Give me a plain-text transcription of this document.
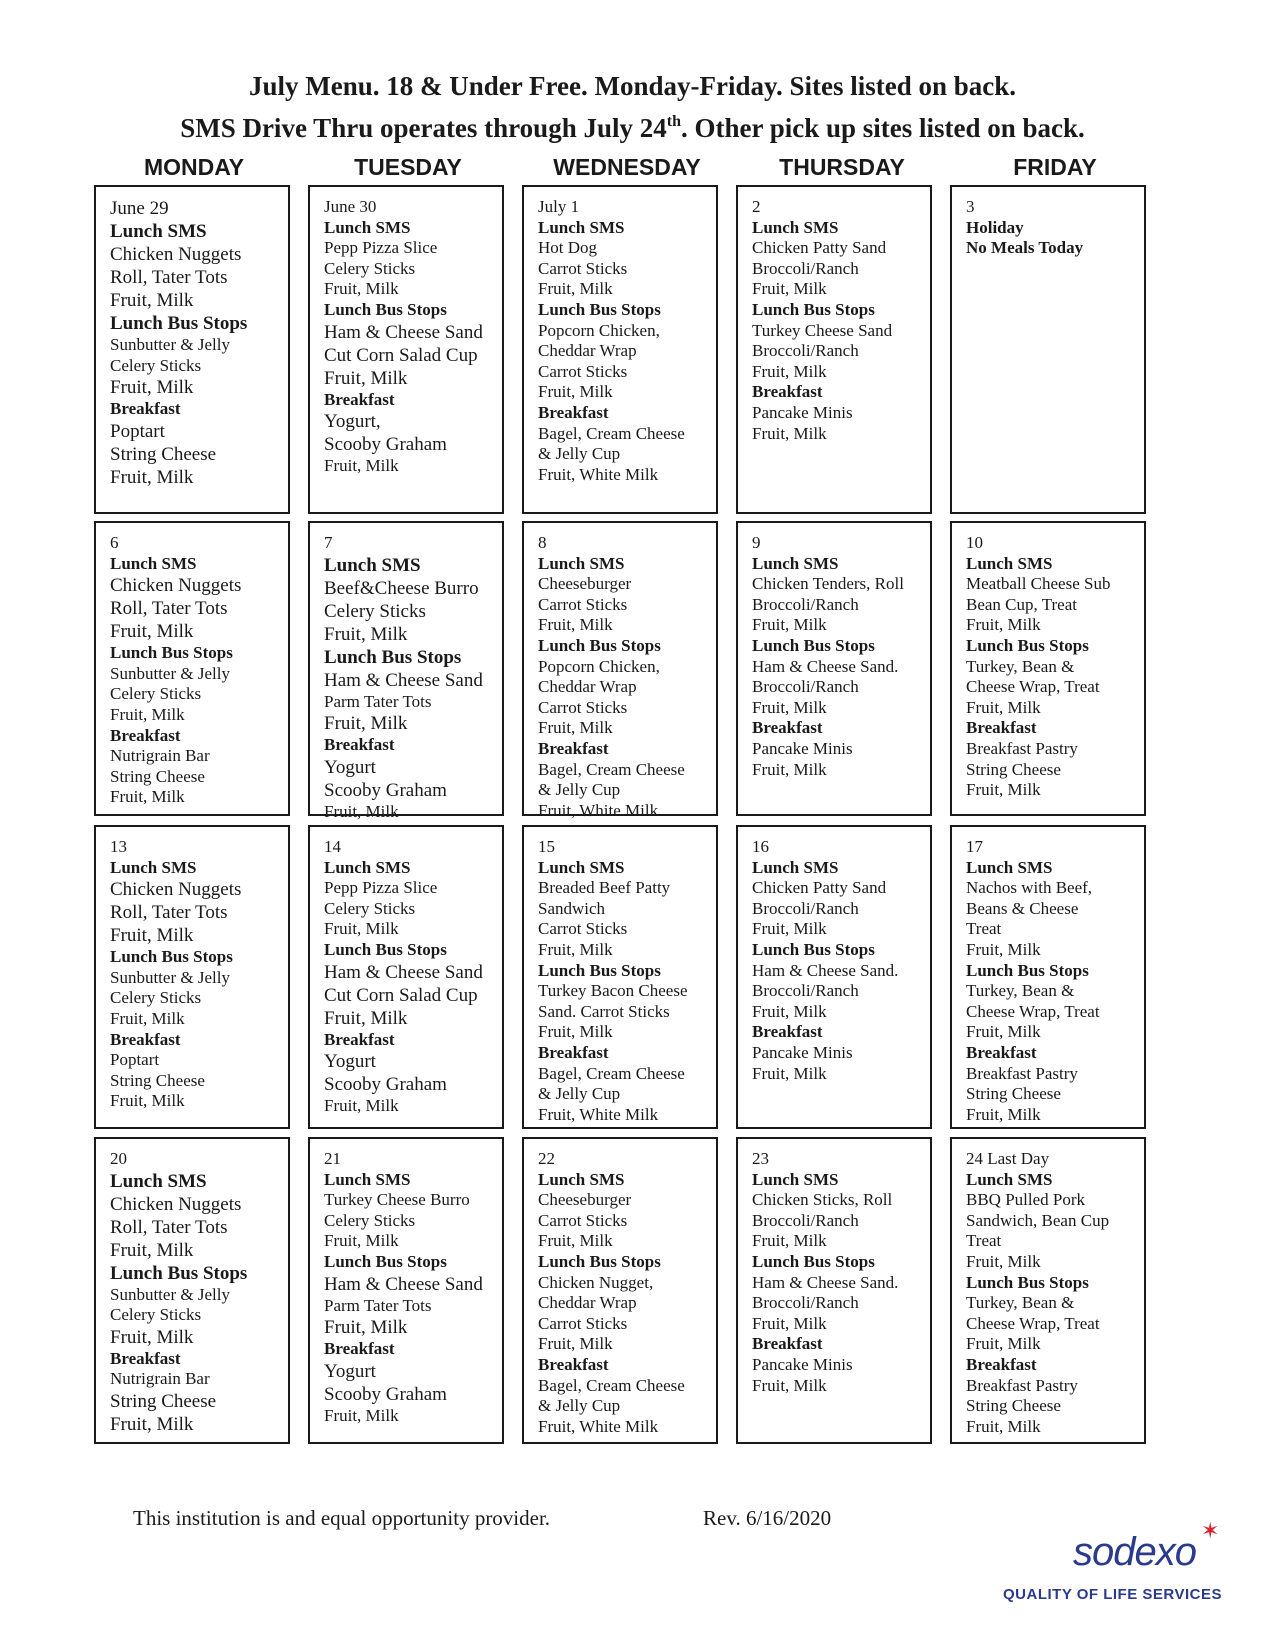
July Menu. 18 & Under Free. Monday-Friday. Sites listed on back.
SMS Drive Thru operates through July 24th. Other pick up sites listed on back.
MONDAY	TUESDAY	WEDNESDAY	THURSDAY	FRIDAY
June 29
Lunch SMS
Chicken Nuggets
Roll, Tater Tots
Fruit, Milk
Lunch Bus Stops
Sunbutter & Jelly
Celery Sticks
Fruit, Milk
Breakfast
Poptart
String Cheese
Fruit, Milk
June 30
Lunch SMS
Pepp Pizza Slice
Celery Sticks
Fruit, Milk
Lunch Bus Stops
Ham & Cheese Sand
Cut Corn Salad Cup
Fruit, Milk
Breakfast
Yogurt,
Scooby Graham
Fruit, Milk
July 1
Lunch SMS
Hot Dog
Carrot Sticks
Fruit, Milk
Lunch Bus Stops
Popcorn Chicken,
Cheddar Wrap
Carrot Sticks
Fruit, Milk
Breakfast
Bagel, Cream Cheese
& Jelly Cup
Fruit, White Milk
2
Lunch SMS
Chicken Patty Sand
Broccoli/Ranch
Fruit, Milk
Lunch Bus Stops
Turkey Cheese Sand
Broccoli/Ranch
Fruit, Milk
Breakfast
Pancake Minis
Fruit, Milk
3
Holiday
No Meals Today
6
Lunch SMS
Chicken Nuggets
Roll, Tater Tots
Fruit, Milk
Lunch Bus Stops
Sunbutter & Jelly
Celery Sticks
Fruit, Milk
Breakfast
Nutrigrain Bar
String Cheese
Fruit, Milk
7
Lunch SMS
Beef&Cheese Burro
Celery Sticks
Fruit, Milk
Lunch Bus Stops
Ham & Cheese Sand
Parm Tater Tots
Fruit, Milk
Breakfast
Yogurt
Scooby Graham
Fruit, Milk
8
Lunch SMS
Cheeseburger
Carrot Sticks
Fruit, Milk
Lunch Bus Stops
Popcorn Chicken,
Cheddar Wrap
Carrot Sticks
Fruit, Milk
Breakfast
Bagel, Cream Cheese
& Jelly Cup
Fruit, White Milk
9
Lunch SMS
Chicken Tenders, Roll
Broccoli/Ranch
Fruit, Milk
Lunch Bus Stops
Ham & Cheese Sand.
Broccoli/Ranch
Fruit, Milk
Breakfast
Pancake Minis
Fruit, Milk
10
Lunch SMS
Meatball Cheese Sub
Bean Cup, Treat
Fruit, Milk
Lunch Bus Stops
Turkey, Bean &
Cheese Wrap, Treat
Fruit, Milk
Breakfast
Breakfast Pastry
String Cheese
Fruit, Milk
13
Lunch SMS
Chicken Nuggets
Roll, Tater Tots
Fruit, Milk
Lunch Bus Stops
Sunbutter & Jelly
Celery Sticks
Fruit, Milk
Breakfast
Poptart
String Cheese
Fruit, Milk
14
Lunch SMS
Pepp Pizza Slice
Celery Sticks
Fruit, Milk
Lunch Bus Stops
Ham & Cheese Sand
Cut Corn Salad Cup
Fruit, Milk
Breakfast
Yogurt
Scooby Graham
Fruit, Milk
15
Lunch SMS
Breaded Beef Patty
Sandwich
Carrot Sticks
Fruit, Milk
Lunch Bus Stops
Turkey Bacon Cheese
Sand. Carrot Sticks
Fruit, Milk
Breakfast
Bagel, Cream Cheese
& Jelly Cup
Fruit, White Milk
16
Lunch SMS
Chicken Patty Sand
Broccoli/Ranch
Fruit, Milk
Lunch Bus Stops
Ham & Cheese Sand.
Broccoli/Ranch
Fruit, Milk
Breakfast
Pancake Minis
Fruit, Milk
17
Lunch SMS
Nachos with Beef,
Beans & Cheese
Treat
Fruit, Milk
Lunch Bus Stops
Turkey, Bean &
Cheese Wrap, Treat
Fruit, Milk
Breakfast
Breakfast Pastry
String Cheese
Fruit, Milk
20
Lunch SMS
Chicken Nuggets
Roll, Tater Tots
Fruit, Milk
Lunch Bus Stops
Sunbutter & Jelly
Celery Sticks
Fruit, Milk
Breakfast
Nutrigrain Bar
String Cheese
Fruit, Milk
21
Lunch SMS
Turkey Cheese Burro
Celery Sticks
Fruit, Milk
Lunch Bus Stops
Ham & Cheese Sand
Parm Tater Tots
Fruit, Milk
Breakfast
Yogurt
Scooby Graham
Fruit, Milk
22
Lunch SMS
Cheeseburger
Carrot Sticks
Fruit, Milk
Lunch Bus Stops
Chicken Nugget,
Cheddar Wrap
Carrot Sticks
Fruit, Milk
Breakfast
Bagel, Cream Cheese
& Jelly Cup
Fruit, White Milk
23
Lunch SMS
Chicken Sticks, Roll
Broccoli/Ranch
Fruit, Milk
Lunch Bus Stops
Ham & Cheese Sand.
Broccoli/Ranch
Fruit, Milk
Breakfast
Pancake Minis
Fruit, Milk
24 Last Day
Lunch SMS
BBQ Pulled Pork
Sandwich, Bean Cup
Treat
Fruit, Milk
Lunch Bus Stops
Turkey, Bean &
Cheese Wrap, Treat
Fruit, Milk
Breakfast
Breakfast Pastry
String Cheese
Fruit, Milk
This institution is and equal opportunity provider.	Rev. 6/16/2020
sodexo ✶
QUALITY OF LIFE SERVICES
